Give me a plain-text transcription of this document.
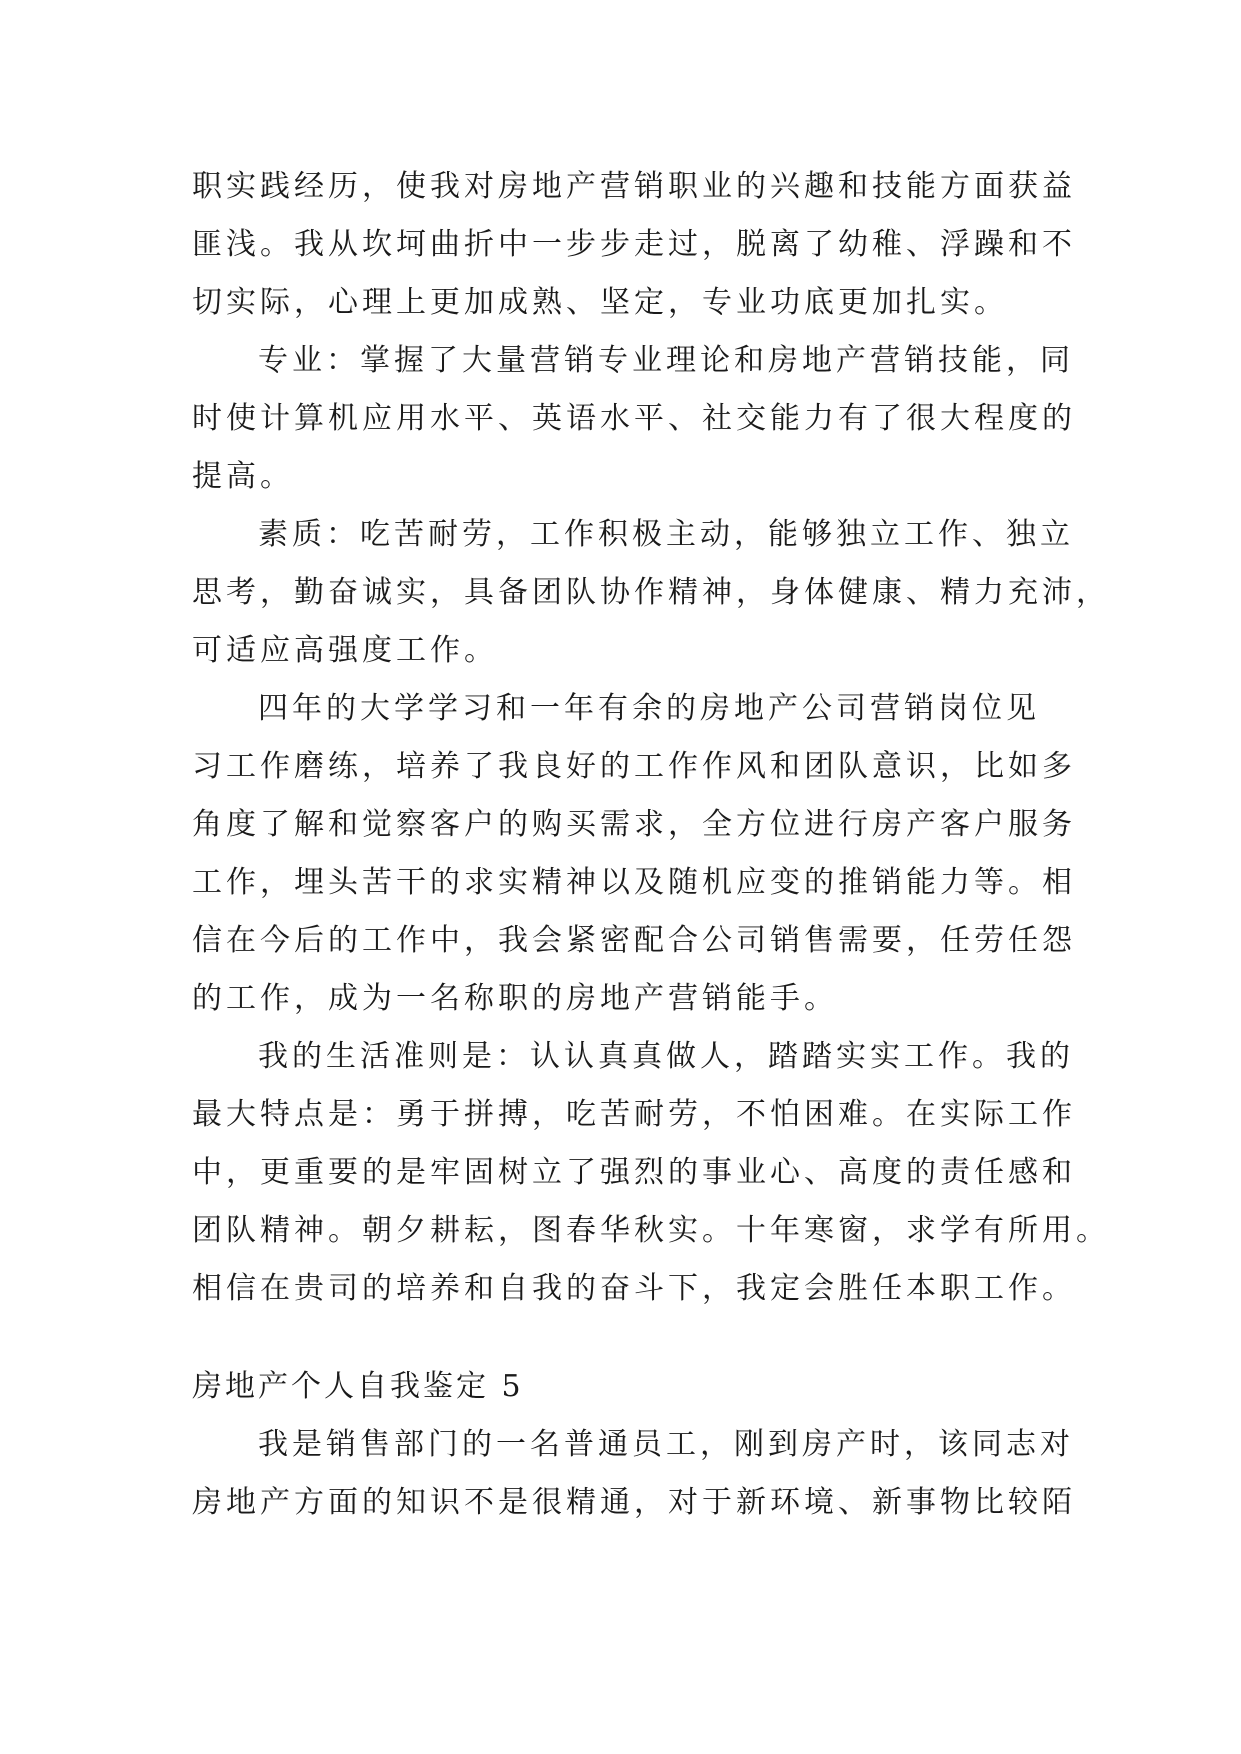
职实践经历，使我对房地产营销职业的兴趣和技能方面获益
匪浅。我从坎坷曲折中一步步走过，脱离了幼稚、浮躁和不
切实际，心理上更加成熟、坚定，专业功底更加扎实。
专业：掌握了大量营销专业理论和房地产营销技能，同
时使计算机应用水平、英语水平、社交能力有了很大程度的
提高。
素质：吃苦耐劳，工作积极主动，能够独立工作、独立
思考，勤奋诚实，具备团队协作精神，身体健康、精力充沛，
可适应高强度工作。
四年的大学学习和一年有余的房地产公司营销岗位见
习工作磨练，培养了我良好的工作作风和团队意识，比如多
角度了解和觉察客户的购买需求，全方位进行房产客户服务
工作，埋头苦干的求实精神以及随机应变的推销能力等。相
信在今后的工作中，我会紧密配合公司销售需要，任劳任怨
的工作，成为一名称职的房地产营销能手。
我的生活准则是：认认真真做人，踏踏实实工作。我的
最大特点是：勇于拼搏，吃苦耐劳，不怕困难。在实际工作
中，更重要的是牢固树立了强烈的事业心、高度的责任感和
团队精神。朝夕耕耘，图春华秋实。十年寒窗，求学有所用。
相信在贵司的培养和自我的奋斗下，我定会胜任本职工作。
房地产个人自我鉴定 5
我是销售部门的一名普通员工，刚到房产时，该同志对
房地产方面的知识不是很精通，对于新环境、新事物比较陌
